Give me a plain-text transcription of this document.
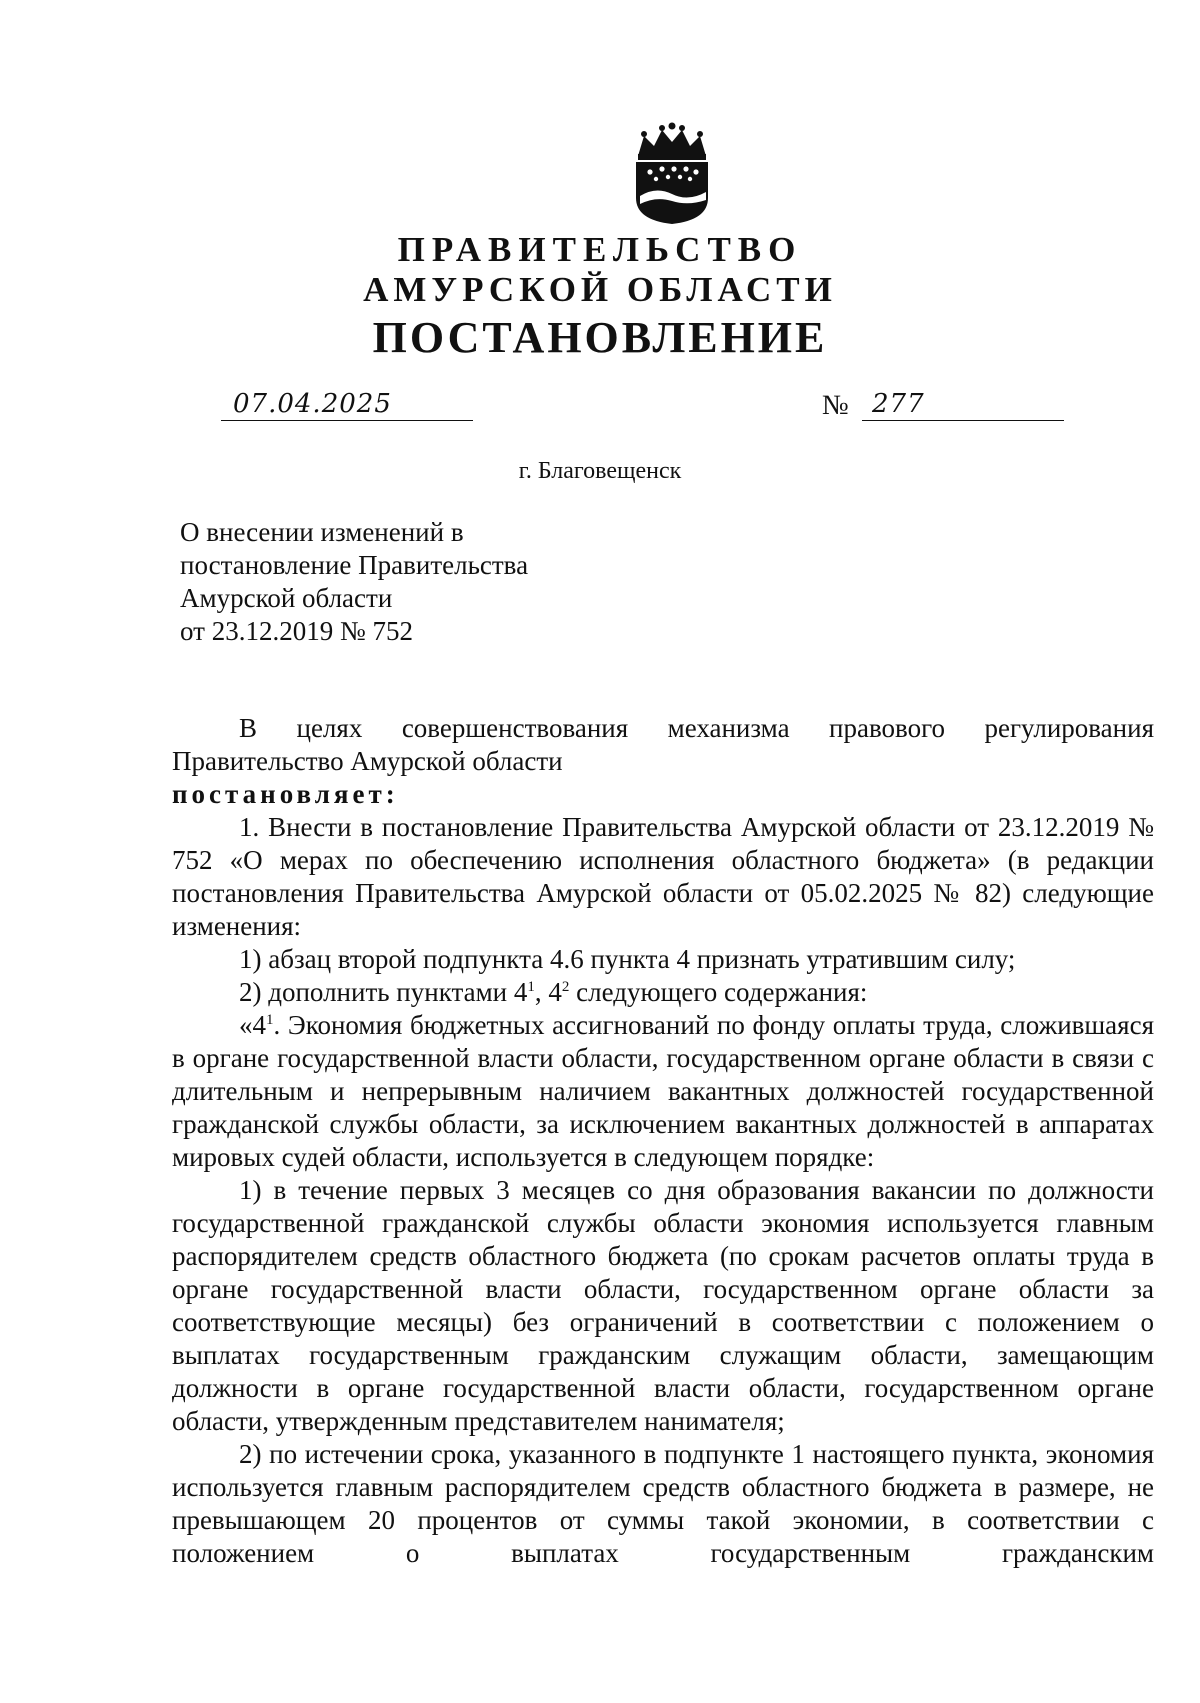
ПРАВИТЕЛЬСТВО
АМУРСКОЙ ОБЛАСТИ
ПОСТАНОВЛЕНИЕ
07.04.2025	№ 277
г. Благовещенск
О внесении изменений в
постановление Правительства
Амурской области
от 23.12.2019 № 752

В целях совершенствования механизма правового регулирования Правительство Амурской области

постановляет:

1. Внести в постановление Правительства Амурской области от 23.12.2019 № 752 «О мерах по обеспечению исполнения областного бюджета» (в редакции постановления Правительства Амурской области от 05.02.2025 № 82) следующие изменения:

1) абзац второй подпункта 4.6 пункта 4 признать утратившим силу;

2) дополнить пунктами $4^1$, $4^2$ следующего содержания:

«$4^1$. Экономия бюджетных ассигнований по фонду оплаты труда, сложившаяся в органе государственной власти области, государственном органе области в связи с длительным и непрерывным наличием вакантных должностей государственной гражданской службы области, за исключением вакантных должностей в аппаратах мировых судей области, используется в следующем порядке:

1) в течение первых 3 месяцев со дня образования вакансии по должности государственной гражданской службы области экономия используется главным распорядителем средств областного бюджета (по срокам расчетов оплаты труда в органе государственной власти области, государственном органе области за соответствующие месяцы) без ограничений в соответствии с положением о выплатах государственным гражданским служащим области, замещающим должности в органе государственной власти области, государственном органе области, утвержденным представителем нанимателя;

2) по истечении срока, указанного в подпункте 1 настоящего пункта, экономия используется главным распорядителем средств областного бюджета в размере, не превышающем 20 процентов от суммы такой экономии, в соответствии с положением о выплатах государственным гражданским
